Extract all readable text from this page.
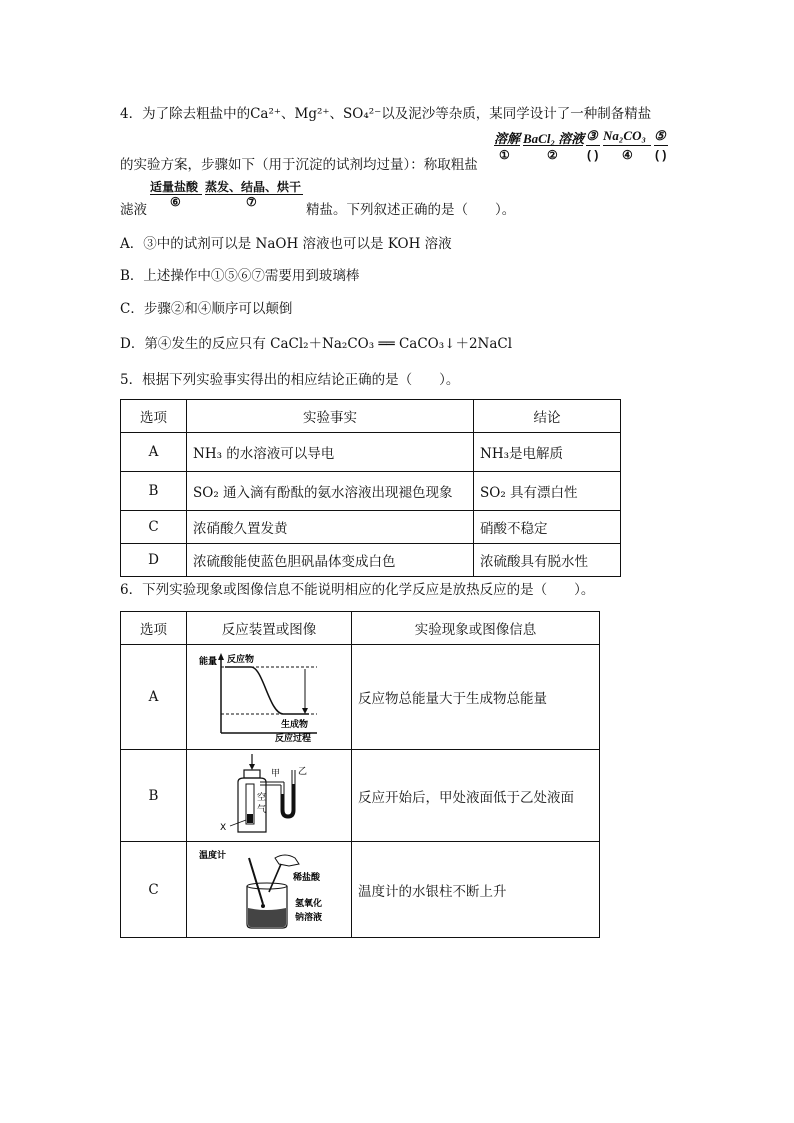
4．为了除去粗盐中的Ca²⁺、Mg²⁺、SO₄²⁻以及泥沙等杂质，某同学设计了一种制备精盐
溶解 BaCl₂ 溶液 ③ Na₂CO₃ ⑤
①	② ( ) ④ ( )
的实验方案，步骤如下（用于沉淀的试剂均过量）：称取粗盐
适量盐酸 蒸发、结晶、烘干
⑥	⑦
滤液	精盐。下列叙述正确的是（　　）。
A．③中的试剂可以是 NaOH 溶液也可以是 KOH 溶液
B．上述操作中①⑤⑥⑦需要用到玻璃棒
C．步骤②和④顺序可以颠倒
D．第④发生的反应只有 CaCl₂＋Na₂CO₃ ══ CaCO₃↓＋2NaCl
5．根据下列实验事实得出的相应结论正确的是（　　）。
选项	实验事实	结论
A	NH₃ 的水溶液可以导电	NH₃是电解质
B	SO₂ 通入滴有酚酞的氨水溶液出现褪色现象	SO₂ 具有漂白性
C	浓硝酸久置发黄	硝酸不稳定
D	浓硫酸能使蓝色胆矾晶体变成白色	浓硫酸具有脱水性
6．下列实验现象或图像信息不能说明相应的化学反应是放热反应的是（　　）。
选项	反应装置或图像	实验现象或图像信息
A	能量 反应物
生成物
反应过程	反应物总能量大于生成物总能量
B	甲 乙
空
气
X	反应开始后，甲处液面低于乙处液面
C	温度计
稀盐酸
氢氧化
钠溶液	温度计的水银柱不断上升
